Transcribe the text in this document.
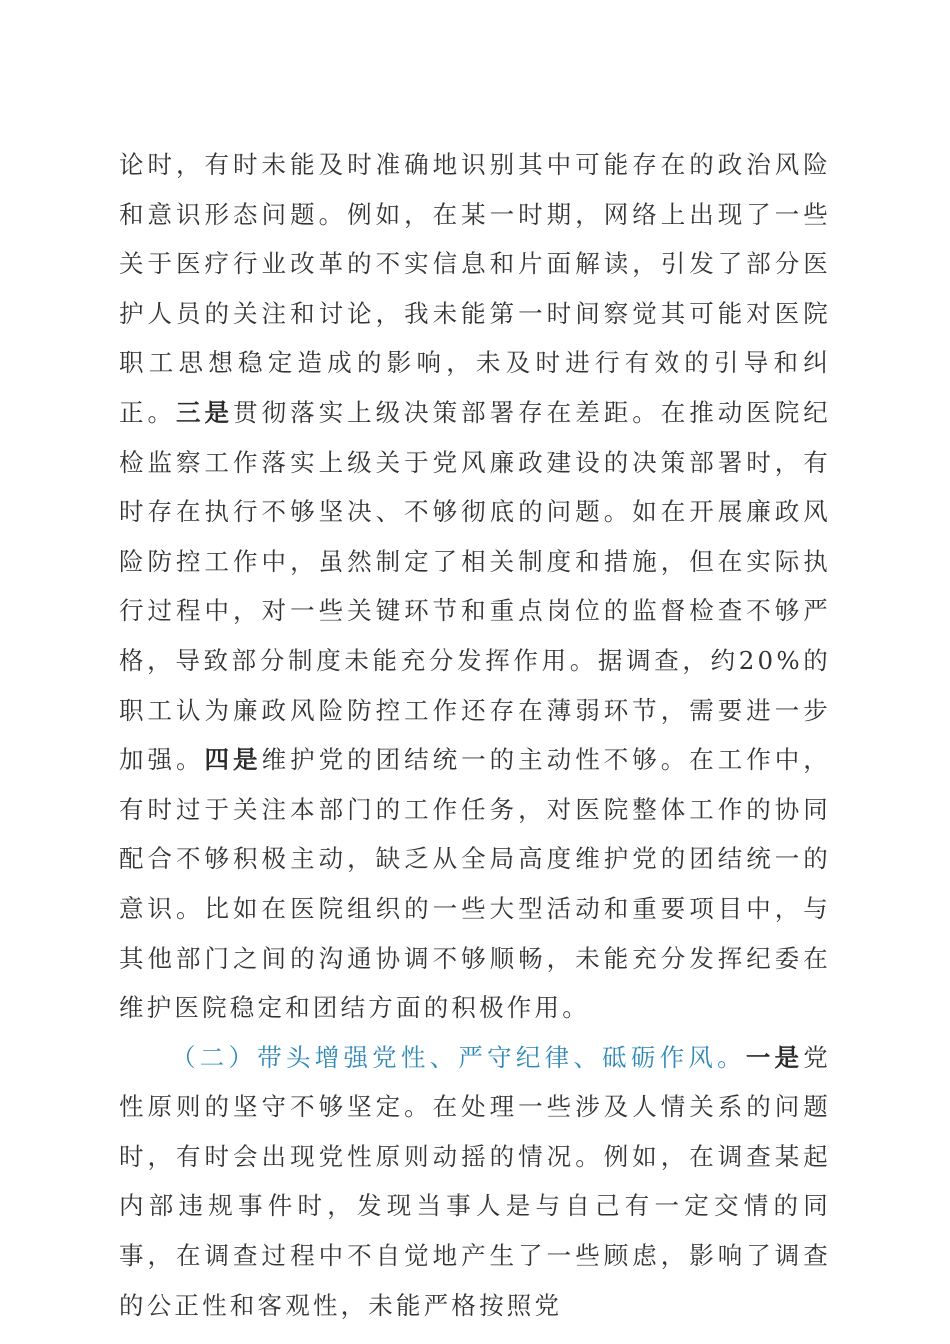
论时，有时未能及时准确地识别其中可能存在的政治风险和意识形态问题。例如，在某一时期，网络上出现了一些关于医疗行业改革的不实信息和片面解读，引发了部分医护人员的关注和讨论，我未能第一时间察觉其可能对医院职工思想稳定造成的影响，未及时进行有效的引导和纠正。三是贯彻落实上级决策部署存在差距。在推动医院纪检监察工作落实上级关于党风廉政建设的决策部署时，有时存在执行不够坚决、不够彻底的问题。如在开展廉政风险防控工作中，虽然制定了相关制度和措施，但在实际执行过程中，对一些关键环节和重点岗位的监督检查不够严格，导致部分制度未能充分发挥作用。据调查，约20%的职工认为廉政风险防控工作还存在薄弱环节，需要进一步加强。四是维护党的团结统一的主动性不够。在工作中，有时过于关注本部门的工作任务，对医院整体工作的协同配合不够积极主动，缺乏从全局高度维护党的团结统一的意识。比如在医院组织的一些大型活动和重要项目中，与其他部门之间的沟通协调不够顺畅，未能充分发挥纪委在维护医院稳定和团结方面的积极作用。

（二）带头增强党性、严守纪律、砥砺作风。一是党性原则的坚守不够坚定。在处理一些涉及人情关系的问题时，有时会出现党性原则动摇的情况。例如，在调查某起内部违规事件时，发现当事人是与自己有一定交情的同事，在调查过程中不自觉地产生了一些顾虑，影响了调查的公正性和客观性，未能严格按照党
